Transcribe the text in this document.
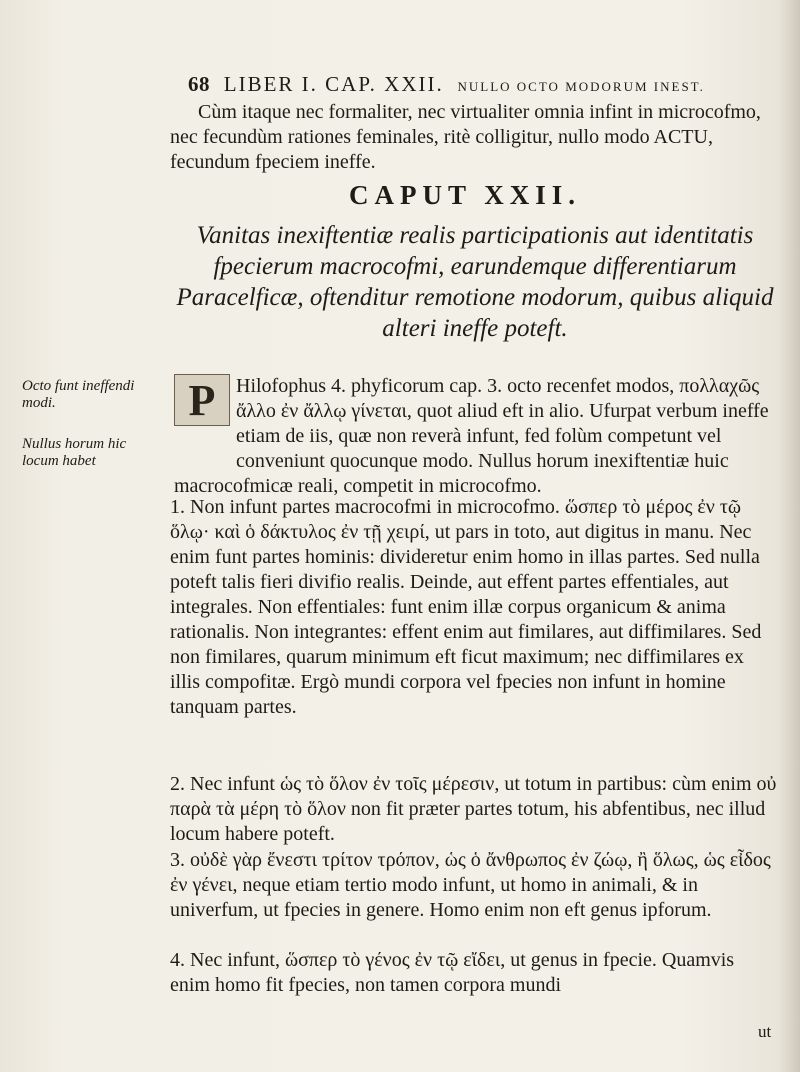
68 LIBER I. CAP. XXII. NULLO OCTO MODORUM INEST.
Cùm itaque nec formaliter, nec virtualiter omnia infint in microcofmo, nec fecundùm rationes feminales, ritè colligitur, nullo modo ACTU, fecundum fpeciem ineffe.
CAPUT XXII.
Vanitas inexiftentiæ realis participationis aut identitatis fpecierum macrocofmi, earundemque differentiarum Paracelficæ, oftenditur remotione modorum, quibus aliquid alteri ineffe poteft.
Hilofophus 4. phyficorum cap. 3. octo recenfet modos, πολλαχῶς ἄλλο ἐν ἄλλῳ γίνεται, quot aliud eft in alio. Ufurpat verbum ineffe etiam de iis, quæ non reverà infunt, fed folùm competunt vel conveniunt quocunque modo. Nullus horum inexiftentiæ huic macrocofmicæ reali, competit in microcofmo.
P
Octo funt ineffendi modi.
Nullus horum hic locum habet
1. Non infunt partes macrocofmi in microcofmo. ὥσπερ τὸ μέρος ἐν τῷ ὅλῳ· καὶ ὁ δάκτυλος ἐν τῇ χειρί, ut pars in toto, aut digitus in manu. Nec enim funt partes hominis: divideretur enim homo in illas partes. Sed nulla poteft talis fieri divifio realis. Deinde, aut effent partes effentiales, aut integrales. Non effentiales: funt enim illæ corpus organicum & anima rationalis. Non integrantes: effent enim aut fimilares, aut diffimilares. Sed non fimilares, quarum minimum eft ficut maximum; nec diffimilares ex illis compofitæ. Ergò mundi corpora vel fpecies non infunt in homine tanquam partes.
2. Nec infunt ὡς τὸ ὅλον ἐν τοῖς μέρεσιν, ut totum in partibus: cùm enim οὐ παρὰ τὰ μέρη τὸ ὅλον non fit præter partes totum, his abfentibus, nec illud locum habere poteft.
3. οὐδὲ γὰρ ἔνεστι τρίτον τρόπον, ὡς ὁ ἄνθρωπος ἐν ζώῳ, ἢ ὅλως, ὡς εἶδος ἐν γένει, neque etiam tertio modo infunt, ut homo in animali, & in univerfum, ut fpecies in genere. Homo enim non eft genus ipforum.
4. Nec infunt, ὥσπερ τὸ γένος ἐν τῷ εἴδει, ut genus in fpecie. Quamvis enim homo fit fpecies, non tamen corpora mundi
ut
